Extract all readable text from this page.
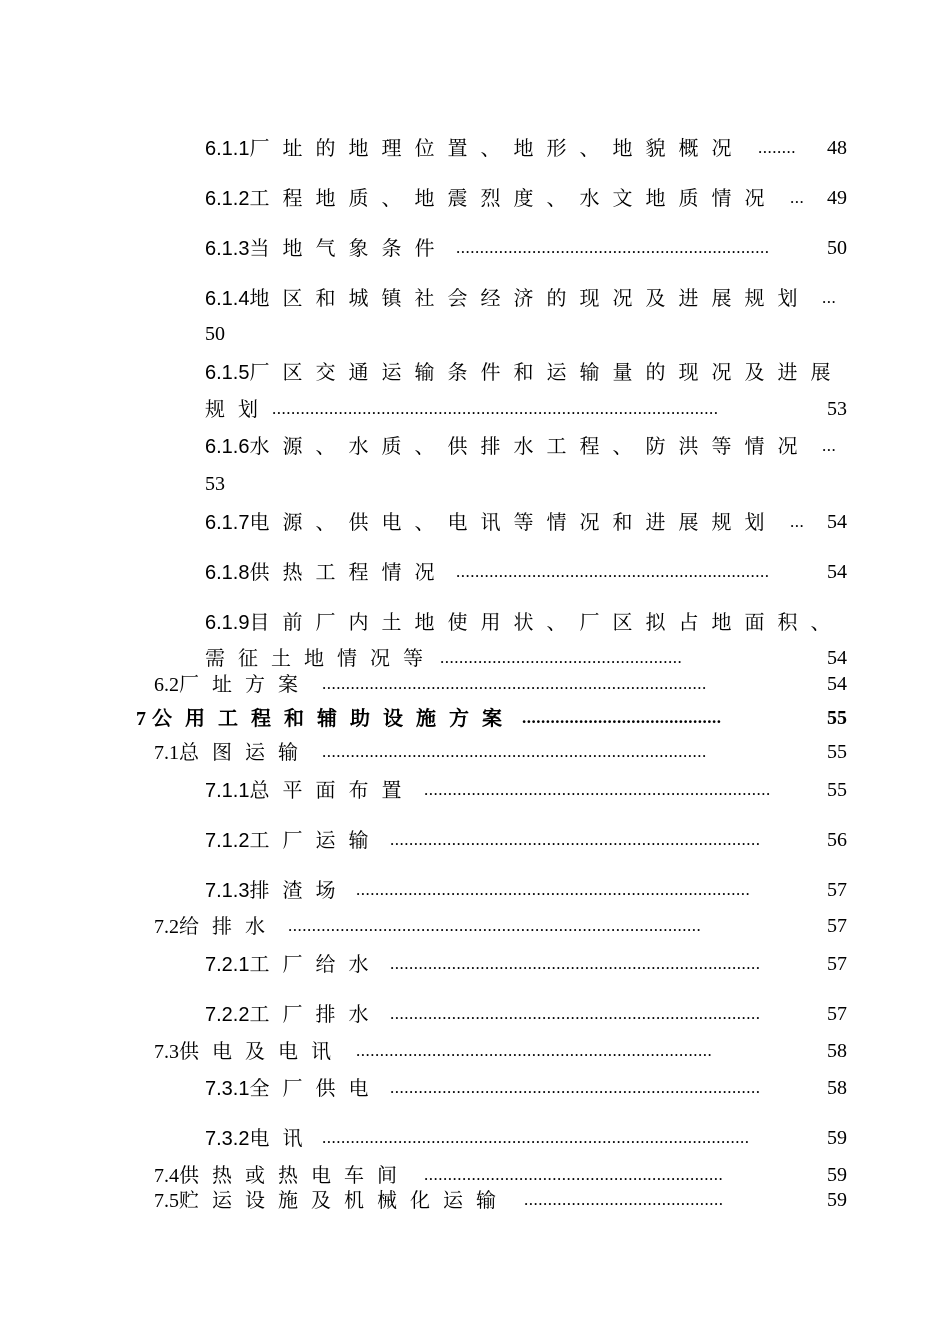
6.1.1厂址的地理位置、地形、地貌概况 ........	48
6.1.2工程地质、地震烈度、水文地质情况 ...	49
6.1.3当地气象条件 ..................................................................	50
6.1.4地区和城镇社会经济的现况及进展规划 ...
50
6.1.5厂区交通运输条件和运输量的现况及进展
规划 ..............................................................................................	53
6.1.6水源、水质、供排水工程、防洪等情况 ...
53
6.1.7电源、供电、电讯等情况和进展规划 ...	54
6.1.8供热工程情况 ..................................................................	54
6.1.9目前厂内土地使用状、厂区拟占地面积、
需征土地情况等 ...................................................	54
6.2厂址方案 .................................................................................	54
7 公用工程和辅助设施方案 ..........................................	55
7.1总图运输 .................................................................................	55
7.1.1总平面布置 .........................................................................	55
7.1.2工厂运输 ..............................................................................	56
7.1.3排渣场 ...................................................................................	57
7.2给排水 .......................................................................................	57
7.2.1工厂给水 ..............................................................................	57
7.2.2工厂排水 ..............................................................................	57
7.3供电及电讯 ...........................................................................	58
7.3.1全厂供电 ..............................................................................	58
7.3.2电讯 ..........................................................................................	59
7.4供热或热电车间 ...............................................................	59
7.5贮运设施及机械化运输 ..........................................	59
